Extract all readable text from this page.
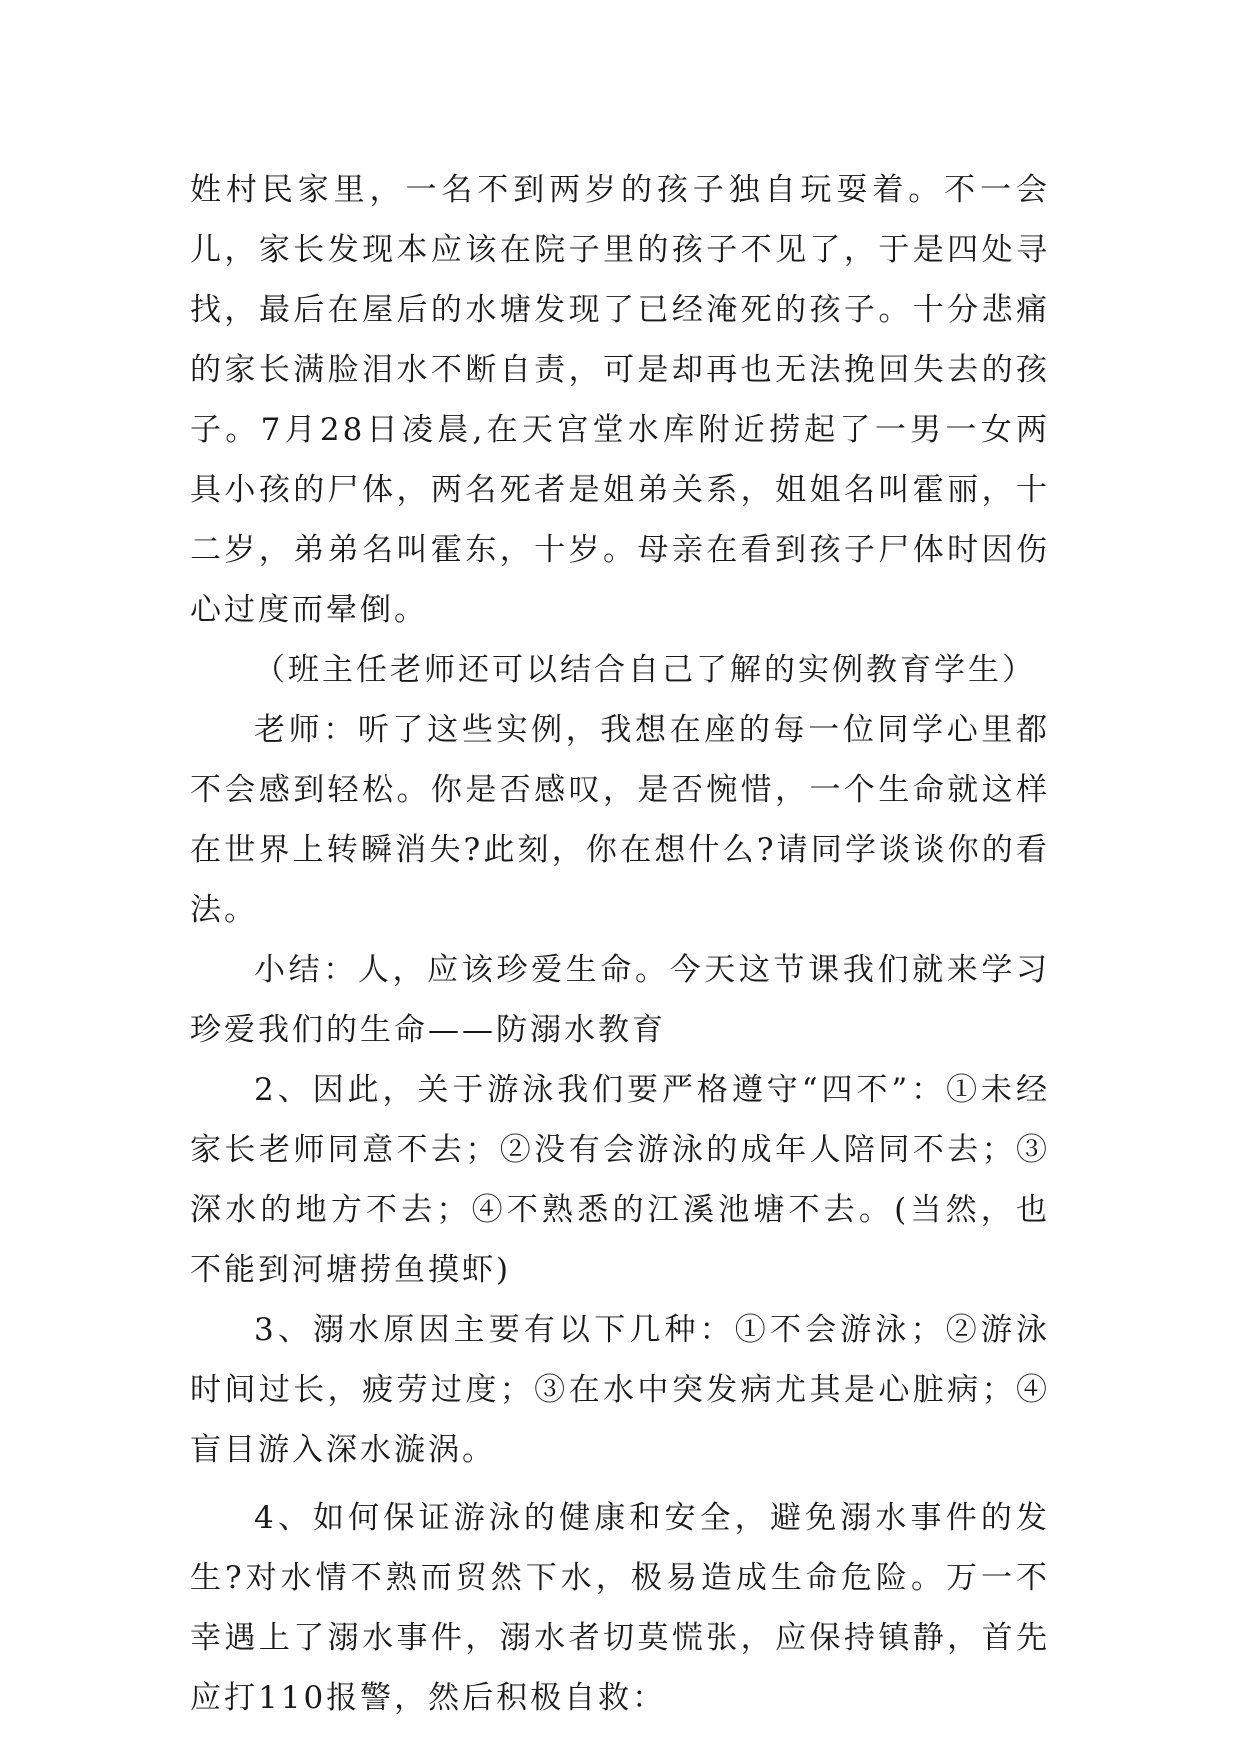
姓村民家里，一名不到两岁的孩子独自玩耍着。不一会儿，家长发现本应该在院子里的孩子不见了，于是四处寻找，最后在屋后的水塘发现了已经淹死的孩子。十分悲痛的家长满脸泪水不断自责，可是却再也无法挽回失去的孩子。7月28日凌晨,在天宫堂水库附近捞起了一男一女两具小孩的尸体，两名死者是姐弟关系，姐姐名叫霍丽，十二岁，弟弟名叫霍东，十岁。母亲在看到孩子尸体时因伤心过度而晕倒。

（班主任老师还可以结合自己了解的实例教育学生）

老师：听了这些实例，我想在座的每一位同学心里都不会感到轻松。你是否感叹，是否惋惜，一个生命就这样在世界上转瞬消失?此刻，你在想什么?请同学谈谈你的看法。

小结：人，应该珍爱生命。今天这节课我们就来学习珍爱我们的生命——防溺水教育

2、因此，关于游泳我们要严格遵守“四不”：①未经家长老师同意不去；②没有会游泳的成年人陪同不去；③深水的地方不去；④不熟悉的江溪池塘不去。(当然，也不能到河塘捞鱼摸虾)

3、溺水原因主要有以下几种：①不会游泳；②游泳时间过长，疲劳过度；③在水中突发病尤其是心脏病；④盲目游入深水漩涡。

4、如何保证游泳的健康和安全，避免溺水事件的发生?对水情不熟而贸然下水，极易造成生命危险。万一不幸遇上了溺水事件，溺水者切莫慌张，应保持镇静，首先应打110报警，然后积极自救：
